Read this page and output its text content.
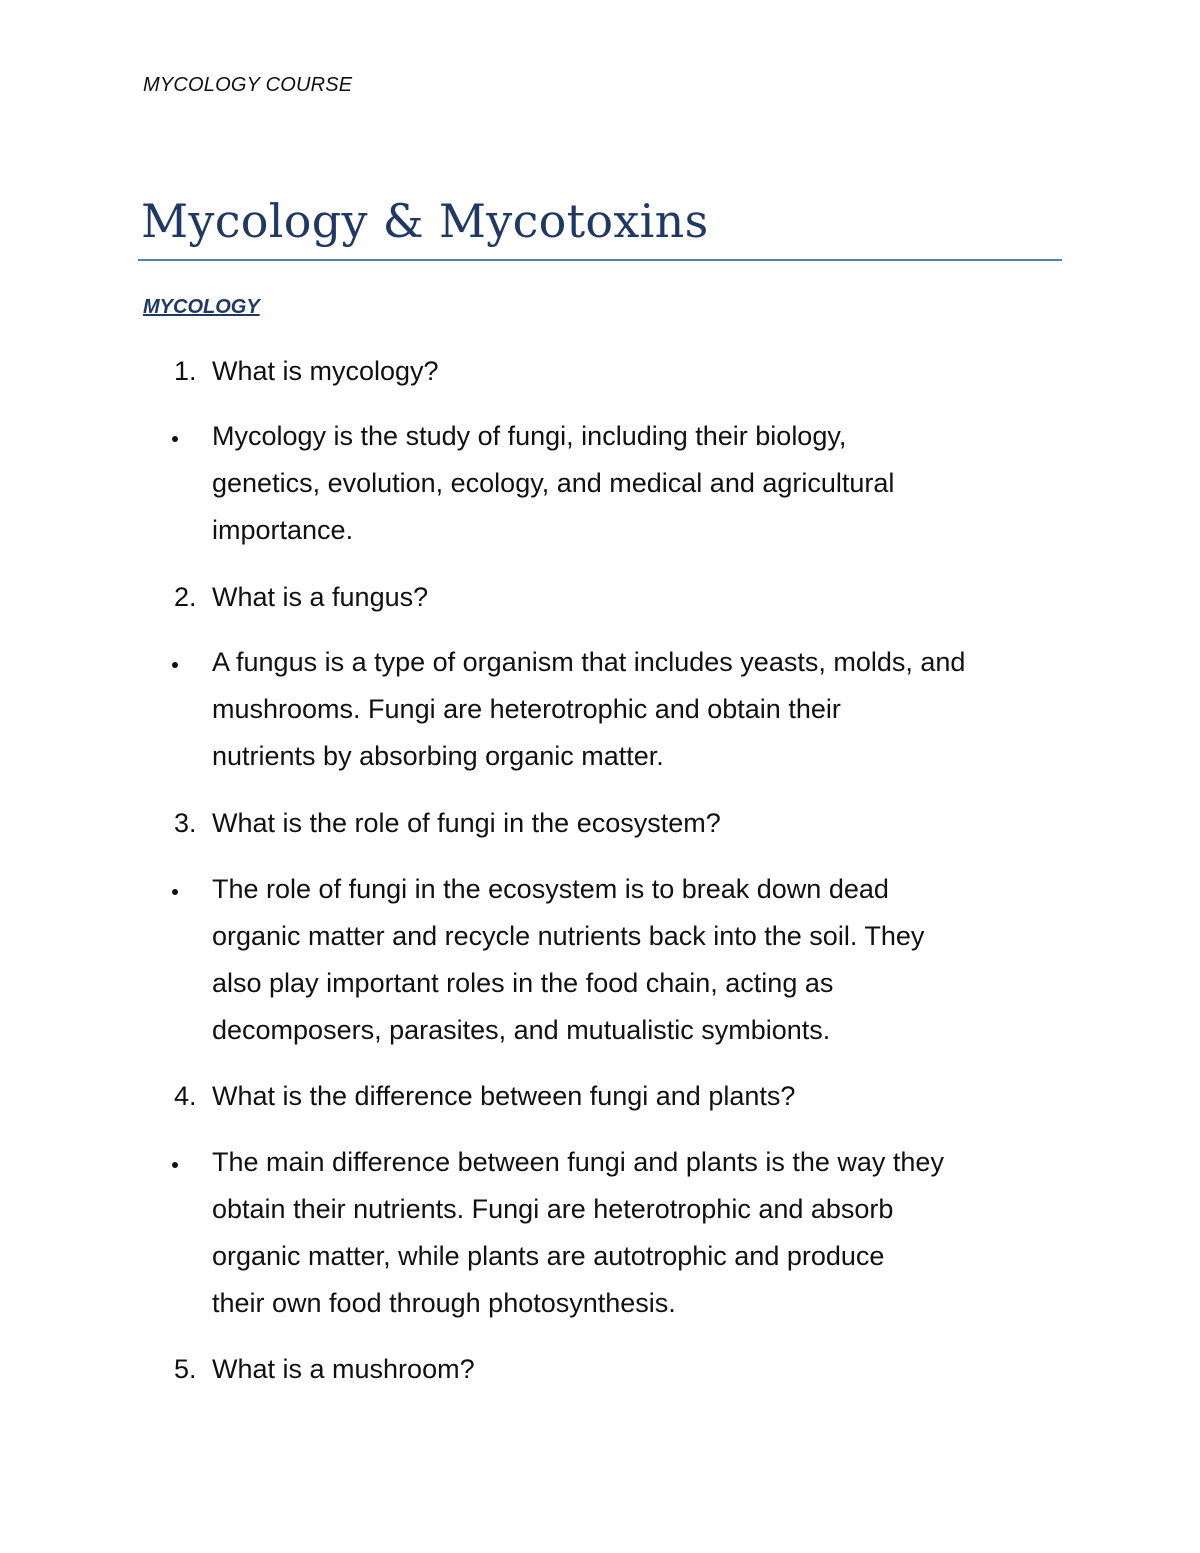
MYCOLOGY COURSE
Mycology & Mycotoxins
MYCOLOGY
1. What is mycology?
Mycology is the study of fungi, including their biology,
genetics, evolution, ecology, and medical and agricultural
importance.
2. What is a fungus?
A fungus is a type of organism that includes yeasts, molds, and
mushrooms. Fungi are heterotrophic and obtain their
nutrients by absorbing organic matter.
3. What is the role of fungi in the ecosystem?
The role of fungi in the ecosystem is to break down dead
organic matter and recycle nutrients back into the soil. They
also play important roles in the food chain, acting as
decomposers, parasites, and mutualistic symbionts.
4. What is the difference between fungi and plants?
The main difference between fungi and plants is the way they
obtain their nutrients. Fungi are heterotrophic and absorb
organic matter, while plants are autotrophic and produce
their own food through photosynthesis.
5. What is a mushroom?
